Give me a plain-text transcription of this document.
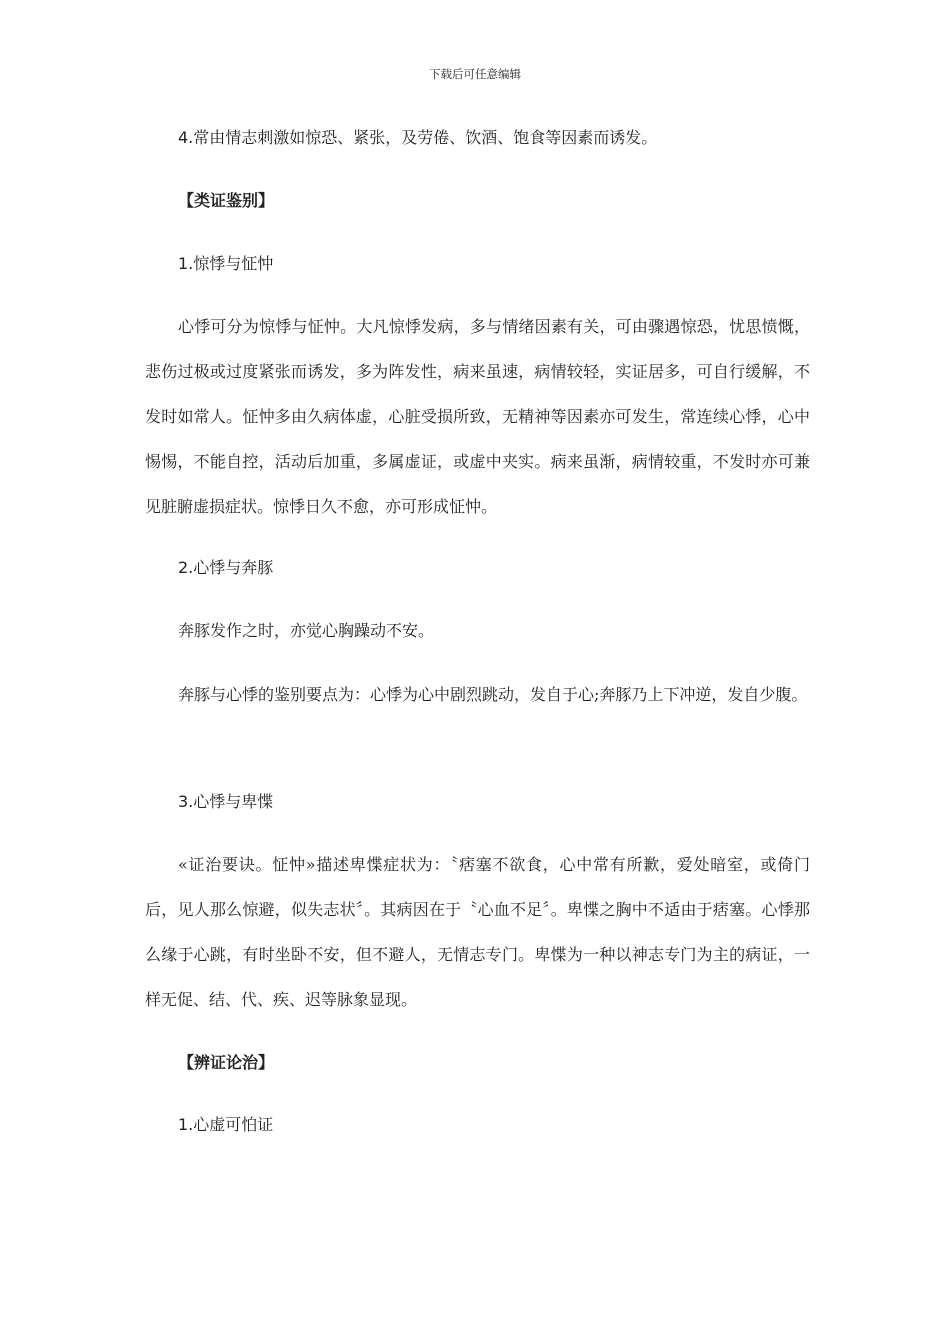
下载后可任意编辑

4.常由情志刺激如惊恐、紧张，及劳倦、饮酒、饱食等因素而诱发。

【类证鉴别】

1.惊悸与怔忡

心悸可分为惊悸与怔忡。大凡惊悸发病，多与情绪因素有关，可由骤遇惊恐，忧思愤慨，悲伤过极或过度紧张而诱发，多为阵发性，病来虽速，病情较轻，实证居多，可自行缓解，不发时如常人。怔忡多由久病体虚，心脏受损所致，无精神等因素亦可发生，常连续心悸，心中惕惕，不能自控，活动后加重，多属虚证，或虚中夹实。病来虽渐，病情较重，不发时亦可兼见脏腑虚损症状。惊悸日久不愈，亦可形成怔忡。

2.心悸与奔豚

奔豚发作之时，亦觉心胸躁动不安。

奔豚与心悸的鉴别要点为：心悸为心中剧烈跳动，发自于心;奔豚乃上下冲逆，发自少腹。

3.心悸与卑惵

«证治要诀。怔忡»描述卑惵症状为：〝痞塞不欲食，心中常有所歉，爱处暗室，或倚门后，见人那么惊避，似失志状〞。其病因在于〝心血不足〞。卑惵之胸中不适由于痞塞。心悸那么缘于心跳，有时坐卧不安，但不避人，无情志专门。卑惵为一种以神志专门为主的病证，一样无促、结、代、疾、迟等脉象显现。

【辨证论治】

1.心虚可怕证
